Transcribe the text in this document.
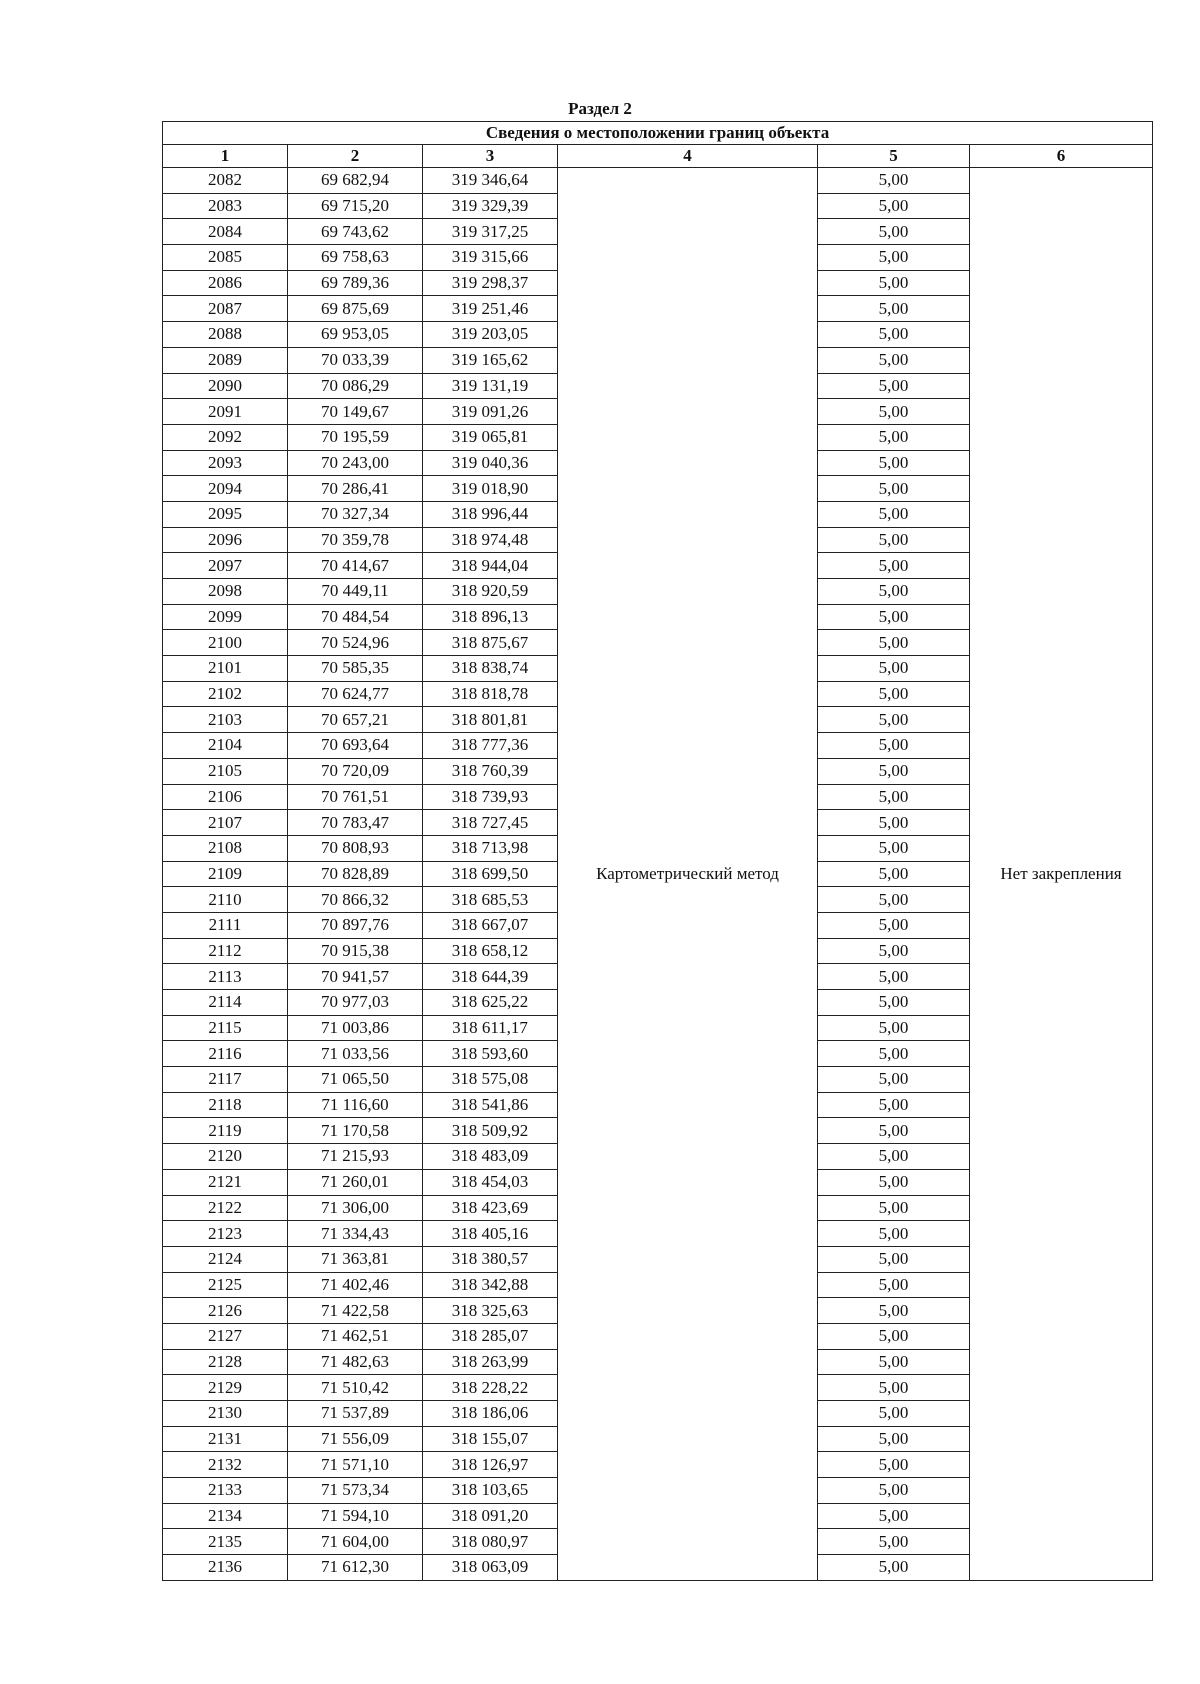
Раздел 2
Сведения о местоположении границ объекта					
1	2	3	4	5	6
2082	69 682,94	319 346,64	Картометрический метод	5,00	Нет закрепления
2083	69 715,20	319 329,39		5,00	
2084	69 743,62	319 317,25		5,00	
2085	69 758,63	319 315,66		5,00	
2086	69 789,36	319 298,37		5,00	
2087	69 875,69	319 251,46		5,00	
2088	69 953,05	319 203,05		5,00	
2089	70 033,39	319 165,62		5,00	
2090	70 086,29	319 131,19		5,00	
2091	70 149,67	319 091,26		5,00	
2092	70 195,59	319 065,81		5,00	
2093	70 243,00	319 040,36		5,00	
2094	70 286,41	319 018,90		5,00	
2095	70 327,34	318 996,44		5,00	
2096	70 359,78	318 974,48		5,00	
2097	70 414,67	318 944,04		5,00	
2098	70 449,11	318 920,59		5,00	
2099	70 484,54	318 896,13		5,00	
2100	70 524,96	318 875,67		5,00	
2101	70 585,35	318 838,74		5,00	
2102	70 624,77	318 818,78		5,00	
2103	70 657,21	318 801,81		5,00	
2104	70 693,64	318 777,36		5,00	
2105	70 720,09	318 760,39		5,00	
2106	70 761,51	318 739,93		5,00	
2107	70 783,47	318 727,45		5,00	
2108	70 808,93	318 713,98		5,00	
2109	70 828,89	318 699,50		5,00	
2110	70 866,32	318 685,53		5,00	
2111	70 897,76	318 667,07		5,00	
2112	70 915,38	318 658,12		5,00	
2113	70 941,57	318 644,39		5,00	
2114	70 977,03	318 625,22		5,00	
2115	71 003,86	318 611,17		5,00	
2116	71 033,56	318 593,60		5,00	
2117	71 065,50	318 575,08		5,00	
2118	71 116,60	318 541,86		5,00	
2119	71 170,58	318 509,92		5,00	
2120	71 215,93	318 483,09		5,00	
2121	71 260,01	318 454,03		5,00	
2122	71 306,00	318 423,69		5,00	
2123	71 334,43	318 405,16		5,00	
2124	71 363,81	318 380,57		5,00	
2125	71 402,46	318 342,88		5,00	
2126	71 422,58	318 325,63		5,00	
2127	71 462,51	318 285,07		5,00	
2128	71 482,63	318 263,99		5,00	
2129	71 510,42	318 228,22		5,00	
2130	71 537,89	318 186,06		5,00	
2131	71 556,09	318 155,07		5,00	
2132	71 571,10	318 126,97		5,00	
2133	71 573,34	318 103,65		5,00	
2134	71 594,10	318 091,20		5,00	
2135	71 604,00	318 080,97		5,00	
2136	71 612,30	318 063,09		5,00	
